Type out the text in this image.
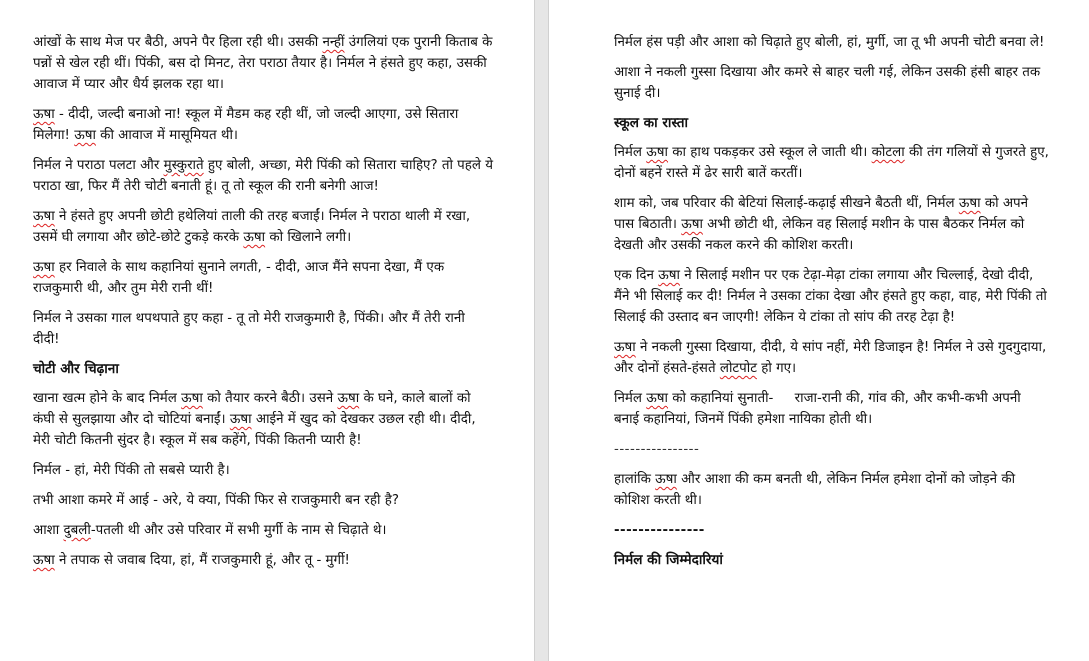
आंखों के साथ मेज पर बैठी, अपने पैर हिला रही थी। उसकी नन्हीं उंगलियां एक पुरानी किताब के पन्नों से खेल रही थीं। पिंकी, बस दो मिनट, तेरा पराठा तैयार है। निर्मल ने हंसते हुए कहा, उसकी आवाज में प्यार और धैर्य झलक रहा था।

ऊषा - दीदी, जल्दी बनाओ ना! स्कूल में मैडम कह रही थीं, जो जल्दी आएगा, उसे सितारा मिलेगा! ऊषा की आवाज में मासूमियत थी।

निर्मल ने पराठा पलटा और मुस्कुराते हुए बोली, अच्छा, मेरी पिंकी को सितारा चाहिए? तो पहले ये पराठा खा, फिर मैं तेरी चोटी बनाती हूं। तू तो स्कूल की रानी बनेगी आज!

ऊषा ने हंसते हुए अपनी छोटी हथेलियां ताली की तरह बजाईं। निर्मल ने पराठा थाली में रखा, उसमें घी लगाया और छोटे-छोटे टुकड़े करके ऊषा को खिलाने लगी।

ऊषा हर निवाले के साथ कहानियां सुनाने लगती, - दीदी, आज मैंने सपना देखा, मैं एक राजकुमारी थी, और तुम मेरी रानी थीं!

निर्मल ने उसका गाल थपथपाते हुए कहा - तू तो मेरी राजकुमारी है, पिंकी। और मैं तेरी रानी दीदी!

चोटी और चिढ़ाना

खाना खत्म होने के बाद निर्मल ऊषा को तैयार करने बैठी। उसने ऊषा के घने, काले बालों को कंघी से सुलझाया और दो चोटियां बनाईं। ऊषा आईने में खुद को देखकर उछल रही थी। दीदी, मेरी चोटी कितनी सुंदर है। स्कूल में सब कहेंगे, पिंकी कितनी प्यारी है!

निर्मल - हां, मेरी पिंकी तो सबसे प्यारी है।

तभी आशा कमरे में आई - अरे, ये क्या, पिंकी फिर से राजकुमारी बन रही है?

आशा दुबली-पतली थी और उसे परिवार में सभी मुर्गी के नाम से चिढ़ाते थे।

ऊषा ने तपाक से जवाब दिया, हां, मैं राजकुमारी हूं, और तू - मुर्गी!

निर्मल हंस पड़ी और आशा को चिढ़ाते हुए बोली, हां, मुर्गी, जा तू भी अपनी चोटी बनवा ले!

आशा ने नकली गुस्सा दिखाया और कमरे से बाहर चली गई, लेकिन उसकी हंसी बाहर तक सुनाई दी।

स्कूल का रास्ता

निर्मल ऊषा का हाथ पकड़कर उसे स्कूल ले जाती थी। कोटला की तंग गलियों से गुजरते हुए, दोनों बहनें रास्ते में ढेर सारी बातें करतीं।

शाम को, जब परिवार की बेटियां सिलाई-कढ़ाई सीखने बैठती थीं, निर्मल ऊषा को अपने पास बिठाती। ऊषा अभी छोटी थी, लेकिन वह सिलाई मशीन के पास बैठकर निर्मल को देखती और उसकी नकल करने की कोशिश करती।

एक दिन ऊषा ने सिलाई मशीन पर एक टेढ़ा-मेढ़ा टांका लगाया और चिल्लाई, देखो दीदी, मैंने भी सिलाई कर दी! निर्मल ने उसका टांका देखा और हंसते हुए कहा, वाह, मेरी पिंकी तो सिलाई की उस्ताद बन जाएगी! लेकिन ये टांका तो सांप की तरह टेढ़ा है!

ऊषा ने नकली गुस्सा दिखाया, दीदी, ये सांप नहीं, मेरी डिजाइन है! निर्मल ने उसे गुदगुदाया, और दोनों हंसते-हंसते लोटपोट हो गए।

निर्मल ऊषा को कहानियां सुनाती-     राजा-रानी की, गांव की, और कभी-कभी अपनी बनाई कहानियां, जिनमें पिंकी हमेशा नायिका होती थी।

----------------

हालांकि ऊषा और आशा की कम बनती थी, लेकिन निर्मल हमेशा दोनों को जोड़ने की कोशिश करती थी।

---------------

निर्मल की जिम्मेदारियां
